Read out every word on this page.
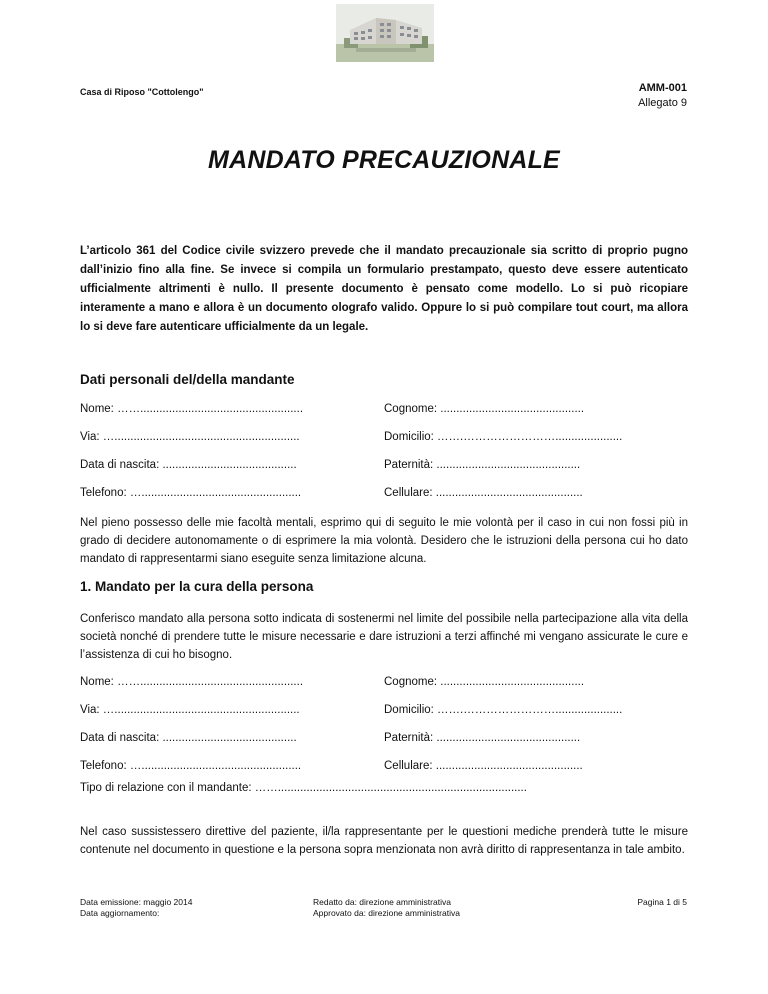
Casa di Riposo "Cottolengo"	AMM-001
Allegato 9
MANDATO PRECAUZIONALE
L’articolo 361 del Codice civile svizzero prevede che il mandato precauzionale sia scritto di proprio pugno dall’inizio fino alla fine. Se invece si compila un formulario prestampato, questo deve essere autenticato ufficialmente altrimenti è nullo. Il presente documento è pensato come modello. Lo si può ricopiare interamente a mano e allora è un documento olografo valido. Oppure lo si può compilare tout court, ma allora lo si deve fare autenticare ufficialmente da un legale.
Dati personali del/della mandante
Nome: ……...................................................	Cognome: .............................................
Via: …..........................................................	Domicilio: …….…………………….....................
Data di nascita: ..........................................	Paternità: .............................................
Telefono: …..................................................	Cellulare: ..............................................
Nel pieno possesso delle mie facoltà mentali, esprimo qui di seguito le mie volontà per il caso in cui non fossi più in grado di decidere autonomamente o di esprimere la mia volontà. Desidero che le istruzioni della persona cui ho dato mandato di rappresentarmi siano eseguite senza limitazione alcuna.
1. Mandato per la cura della persona
Conferisco mandato alla persona sotto indicata di sostenermi nel limite del possibile nella partecipazione alla vita della società nonché di prendere tutte le misure necessarie e dare istruzioni a terzi affinché mi vengano assicurate le cure e l’assistenza di cui ho bisogno.
Nome: ……...................................................	Cognome: .............................................
Via: …..........................................................	Domicilio: …….…………………….....................
Data di nascita: ..........................................	Paternità: .............................................
Telefono: …..................................................	Cellulare: ..............................................
Tipo di relazione con il mandante: ……..............................................................................
Nel caso sussistessero direttive del paziente, il/la rappresentante per le questioni mediche prenderà tutte le misure contenute nel documento in questione e la persona sopra menzionata non avrà diritto di rappresentanza in tale ambito.
Data emissione: maggio 2014
Data aggiornamento:
Redatto da: direzione amministrativa
Approvato da: direzione amministrativa
Pagina 1 di 5
